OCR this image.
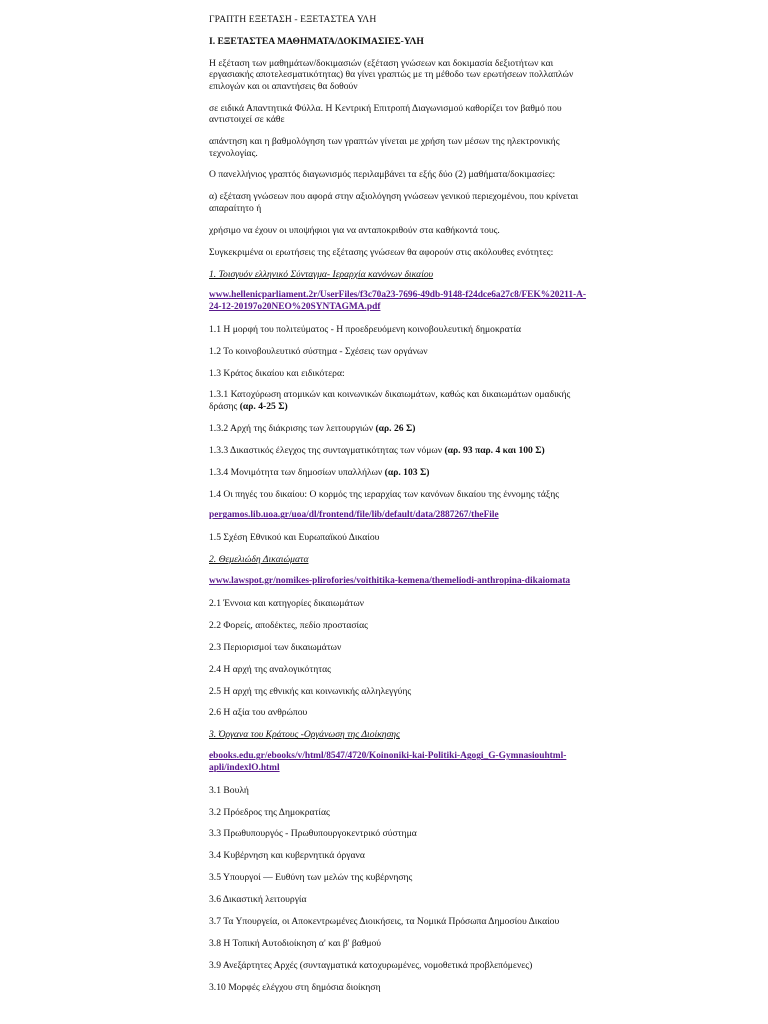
ΓΡΑΠΤΗ ΕΞΕΤΑΣΗ - ΕΞΕΤΑΣΤΕΑ ΥΛΗ

Ι. ΕΞΕΤΑΣΤΕΑ ΜΑΘΗΜΑΤΑ/ΔΟΚΙΜΑΣΙΕΣ-ΥΛΗ

Η εξέταση των μαθημάτων/δοκιμασιών (εξέταση γνώσεων και δοκιμασία δεξιοτήτων και εργασιακής αποτελεσματικότητας) θα γίνει γραπτώς με τη μέθοδο των ερωτήσεων πολλαπλών επιλογών και οι απαντήσεις θα δοθούν

σε ειδικά Απαντητικά Φύλλα. Η Κεντρική Επιτροπή Διαγωνισμού καθορίζει τον βαθμό που αντιστοιχεί σε κάθε

απάντηση και η βαθμολόγηση των γραπτών γίνεται με χρήση των μέσων της ηλεκτρονικής τεχνολογίας.

Ο πανελλήνιος γραπτός διαγωνισμός περιλαμβάνει τα εξής δύο (2) μαθήματα/δοκιμασίες:

α) εξέταση γνώσεων που αφορά στην αξιολόγηση γνώσεων γενικού περιεχομένου, που κρίνεται απαραίτητο ή

χρήσιμο να έχουν οι υποψήφιοι για να ανταποκριθούν στα καθήκοντά τους.

Συγκεκριμένα οι ερωτήσεις της εξέτασης γνώσεων θα αφορούν στις ακόλουθες ενότητες:

1. Τοισγυόν ελληνικό Σύνταγμα- Ιεραρχία κανόνων δικαίου

www.hellenicparliament.2r/UserFiles/f3c70a23-7696-49db-9148-f24dce6a27c8/FEK%20211-A-24-12-20197o20NEO%20SYNTAGMA.pdf

1.1 Η μορφή του πολιτεύματος - Η προεδρευόμενη κοινοβουλευτική δημοκρατία

1.2 Το κοινοβουλευτικό σύστημα - Σχέσεις των οργάνων

1.3 Κράτος δικαίου και ειδικότερα:

1.3.1 Κατοχύρωση ατομικών και κοινωνικών δικαιωμάτων, καθώς και δικαιωμάτων ομαδικής δράσης (αρ. 4-25 Σ)

1.3.2 Αρχή της διάκρισης των λειτουργιών (αρ. 26 Σ)

1.3.3 Δικαστικός έλεγχος της συνταγματικότητας των νόμων (αρ. 93 παρ. 4 και 100 Σ)

1.3.4 Μονιμότητα των δημοσίων υπαλλήλων (αρ. 103 Σ)

1.4 Οι πηγές του δικαίου: Ο κορμός της ιεραρχίας των κανόνων δικαίου της έννομης τάξης

pergamos.lib.uoa.gr/uoa/dl/frontend/file/lib/default/data/2887267/theFile

1.5 Σχέση Εθνικού και Ευρωπαϊκού Δικαίου

2. Θεμελιώδη Δικαιώματα

www.lawspot.gr/nomikes-plirofories/voithitika-kemena/themeliodi-anthropina-dikaiomata

2.1 Έννοια και κατηγορίες δικαιωμάτων

2.2 Φορείς, αποδέκτες, πεδίο προστασίας

2.3 Περιορισμοί των δικαιωμάτων

2.4 Η αρχή της αναλογικότητας

2.5 Η αρχή της εθνικής και κοινωνικής αλληλεγγύης

2.6 Η αξία του ανθρώπου

3. Όργανα του Κράτους -Οργάνωση της Διοίκησης

ebooks.edu.gr/ebooks/v/html/8547/4720/Koinoniki-kai-Politiki-Agogi_G-Gymnasiouhtml-apli/indexlO.html

3.1 Βουλή

3.2 Πρόεδρος της Δημοκρατίας

3.3 Πρωθυπουργός - Πρωθυπουργοκεντρικό σύστημα

3.4 Κυβέρνηση και κυβερνητικά όργανα

3.5 Υπουργοί — Ευθύνη των μελών της κυβέρνησης

3.6 Δικαστική λειτουργία

3.7 Τα Υπουργεία, οι Αποκεντρωμένες Διοικήσεις, τα Νομικά Πρόσωπα Δημοσίου Δικαίου

3.8 Η Τοπική Αυτοδιοίκηση α' και β' βαθμού

3.9 Ανεξάρτητες Αρχές (συνταγματικά κατοχυρωμένες, νομοθετικά προβλεπόμενες)

3.10 Μορφές ελέγχου στη δημόσια διοίκηση
